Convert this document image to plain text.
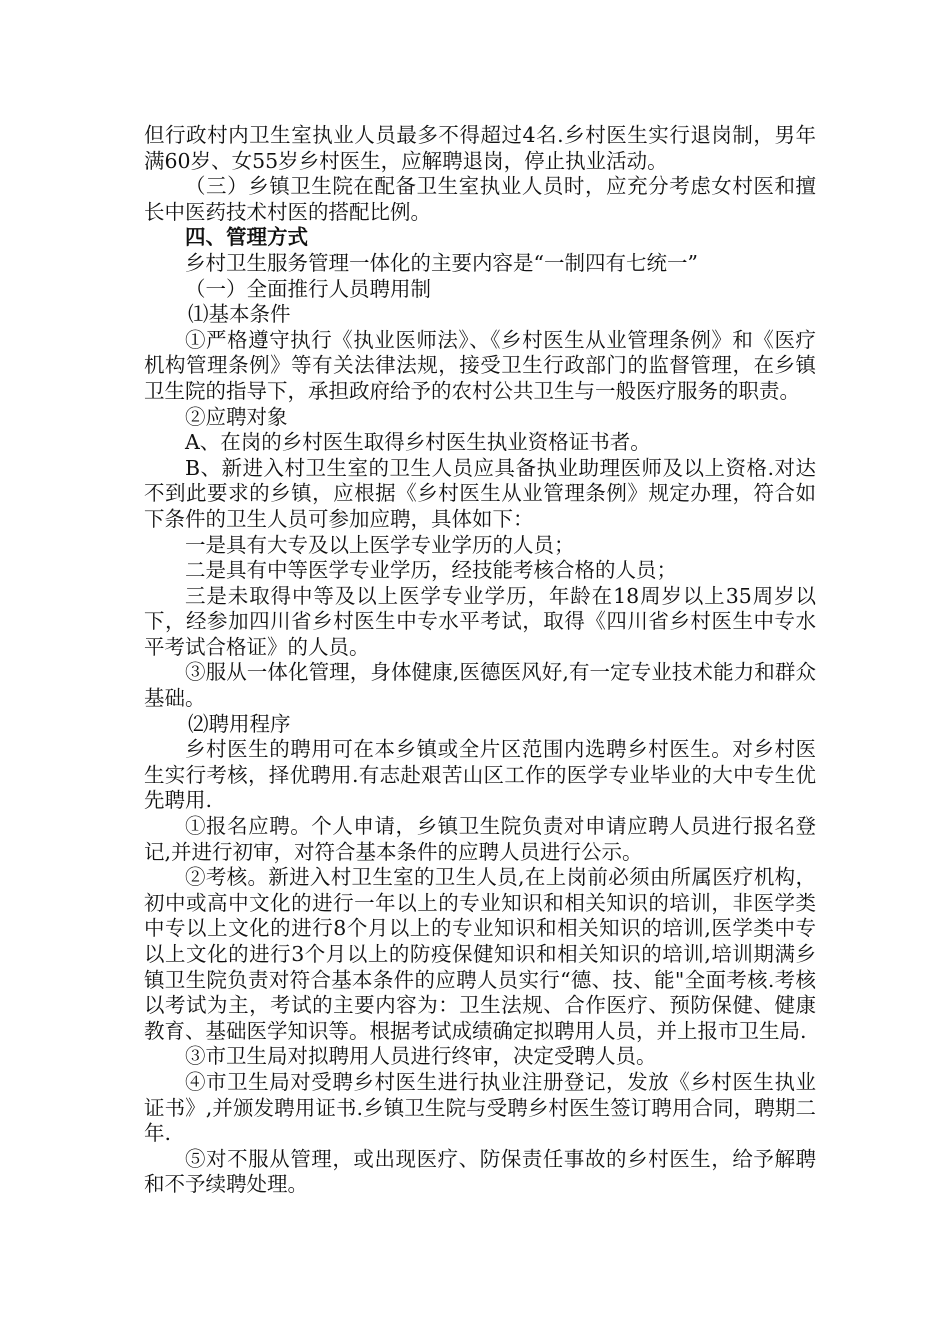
但行政村内卫生室执业人员最多不得超过4名.乡村医生实行退岗制，男年满60岁、女55岁乡村医生，应解聘退岗，停止执业活动。

（三）乡镇卫生院在配备卫生室执业人员时，应充分考虑女村医和擅长中医药技术村医的搭配比例。

四、管理方式

乡村卫生服务管理一体化的主要内容是“一制四有七统一”

（一）全面推行人员聘用制

⑴基本条件

①严格遵守执行《执业医师法》、《乡村医生从业管理条例》和《医疗机构管理条例》等有关法律法规，接受卫生行政部门的监督管理，在乡镇卫生院的指导下，承担政府给予的农村公共卫生与一般医疗服务的职责。

②应聘对象

A、在岗的乡村医生取得乡村医生执业资格证书者。

B、新进入村卫生室的卫生人员应具备执业助理医师及以上资格.对达不到此要求的乡镇，应根据《乡村医生从业管理条例》规定办理，符合如下条件的卫生人员可参加应聘，具体如下：

一是具有大专及以上医学专业学历的人员；

二是具有中等医学专业学历，经技能考核合格的人员；

三是未取得中等及以上医学专业学历，年龄在18周岁以上35周岁以下，经参加四川省乡村医生中专水平考试，取得《四川省乡村医生中专水平考试合格证》的人员。

③服从一体化管理，身体健康,医德医风好,有一定专业技术能力和群众基础。

⑵聘用程序

乡村医生的聘用可在本乡镇或全片区范围内选聘乡村医生。对乡村医生实行考核，择优聘用.有志赴艰苦山区工作的医学专业毕业的大中专生优先聘用.

①报名应聘。个人申请，乡镇卫生院负责对申请应聘人员进行报名登记,并进行初审，对符合基本条件的应聘人员进行公示。

②考核。新进入村卫生室的卫生人员,在上岗前必须由所属医疗机构，初中或高中文化的进行一年以上的专业知识和相关知识的培训，非医学类中专以上文化的进行8个月以上的专业知识和相关知识的培训,医学类中专以上文化的进行3个月以上的防疫保健知识和相关知识的培训,培训期满乡镇卫生院负责对符合基本条件的应聘人员实行“德、技、能"全面考核.考核以考试为主，考试的主要内容为：卫生法规、合作医疗、预防保健、健康教育、基础医学知识等。根据考试成绩确定拟聘用人员，并上报市卫生局.

③市卫生局对拟聘用人员进行终审，决定受聘人员。

④市卫生局对受聘乡村医生进行执业注册登记，发放《乡村医生执业证书》,并颁发聘用证书.乡镇卫生院与受聘乡村医生签订聘用合同，聘期二年.

⑤对不服从管理，或出现医疗、防保责任事故的乡村医生，给予解聘和不予续聘处理。
